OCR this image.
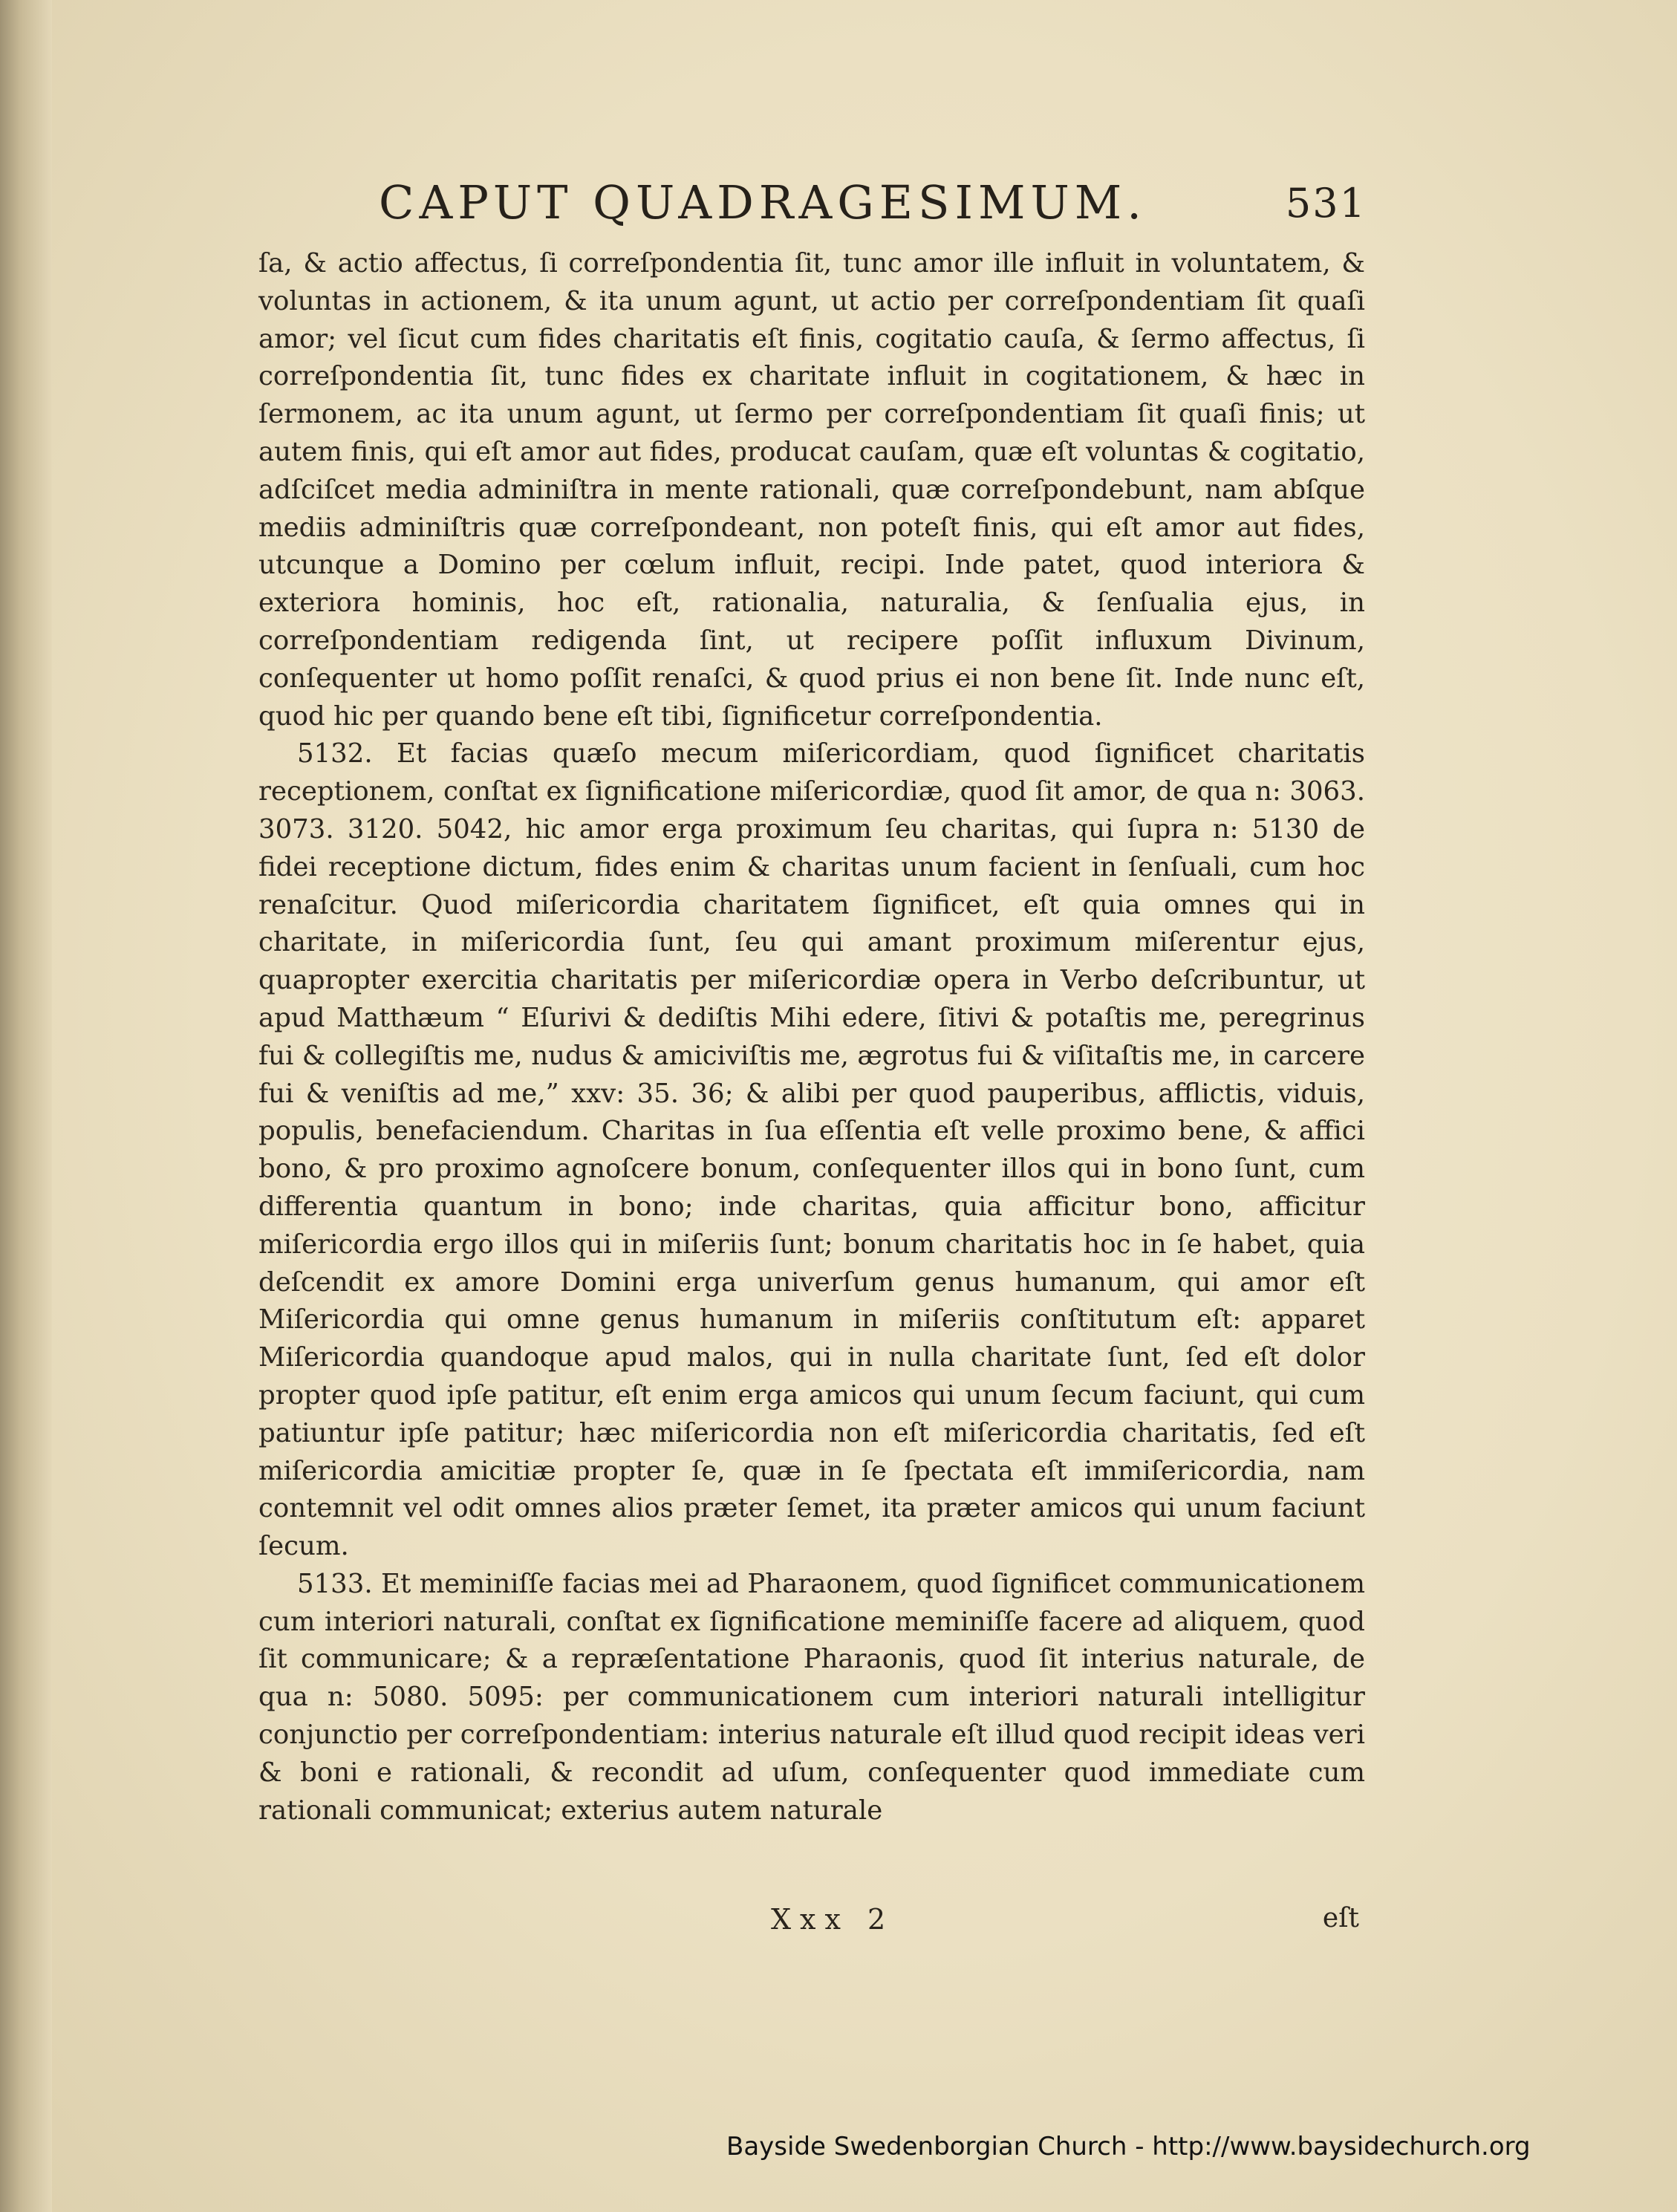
CAPUT QUADRAGESIMUM.	531

ſa, & actio affectus, ſi correſpondentia ſit, tunc amor ille influit in voluntatem, & voluntas in actionem, & ita unum agunt, ut actio per correſpondentiam ſit quaſi amor; vel ſicut cum fides charitatis eſt finis, cogitatio cauſa, & ſermo affectus, ſi correſpondentia ſit, tunc fides ex charitate influit in cogitationem, & hæc in ſermonem, ac ita unum agunt, ut ſermo per correſpondentiam ſit quaſi finis; ut autem finis, qui eſt amor aut fides, producat cauſam, quæ eſt voluntas & cogitatio, adſciſcet media adminiſtra in mente rationali, quæ correſpondebunt, nam abſque mediis adminiſtris quæ correſpondeant, non poteſt finis, qui eſt amor aut fides, utcunque a Domino per cœlum influit, recipi. Inde patet, quod interiora & exteriora hominis, hoc eſt, rationalia, naturalia, & ſenſualia ejus, in correſpondentiam redigenda ſint, ut recipere poſſit influxum Divinum, conſequenter ut homo poſſit renaſci, & quod prius ei non bene ſit. Inde nunc eſt, quod hic per quando bene eſt tibi, ſignificetur correſpondentia.

5132. Et facias quæſo mecum miſericordiam, quod ſignificet charitatis receptionem, conſtat ex ſignificatione miſericordiæ, quod ſit amor, de qua n: 3063. 3073. 3120. 5042, hic amor erga proximum ſeu charitas, qui ſupra n: 5130 de fidei receptione dictum, fides enim & charitas unum facient in ſenſuali, cum hoc renaſcitur. Quod miſericordia charitatem ſignificet, eſt quia omnes qui in charitate, in miſericordia ſunt, ſeu qui amant proximum miſerentur ejus, quapropter exercitia charitatis per miſericordiæ opera in Verbo deſcribuntur, ut apud Matthæum “ Eſurivi & dediſtis Mihi edere, ſitivi & potaſtis me, peregrinus fui & collegiſtis me, nudus & amiciviſtis me, ægrotus fui & viſitaſtis me, in carcere fui & veniſtis ad me,” xxv: 35. 36; & alibi per quod pauperibus, afflictis, viduis, populis, benefaciendum. Charitas in ſua eſſentia eſt velle proximo bene, & affici bono, & pro proximo agnoſcere bonum, conſequenter illos qui in bono ſunt, cum differentia quantum in bono; inde charitas, quia afficitur bono, afficitur miſericordia ergo illos qui in miſeriis ſunt; bonum charitatis hoc in ſe habet, quia deſcendit ex amore Domini erga univerſum genus humanum, qui amor eſt Miſericordia qui omne genus humanum in miſeriis conſtitutum eſt: apparet Miſericordia quandoque apud malos, qui in nulla charitate ſunt, ſed eſt dolor propter quod ipſe patitur, eſt enim erga amicos qui unum ſecum faciunt, qui cum patiuntur ipſe patitur; hæc miſericordia non eſt miſericordia charitatis, ſed eſt miſericordia amicitiæ propter ſe, quæ in ſe ſpectata eſt immiſericordia, nam contemnit vel odit omnes alios præter ſemet, ita præter amicos qui unum faciunt ſecum.

5133. Et meminiſſe facias mei ad Pharaonem, quod ſignificet communicationem cum interiori naturali, conſtat ex ſignificatione meminiſſe facere ad aliquem, quod ſit communicare; & a repræſentatione Pharaonis, quod ſit interius naturale, de qua n: 5080. 5095: per communicationem cum interiori naturali intelligitur conjunctio per correſpondentiam: interius naturale eſt illud quod recipit ideas veri & boni e rationali, & recondit ad uſum, conſequenter quod immediate cum rationali communicat; exterius autem naturale

Xxx 2	eſt
Bayside Swedenborgian Church - http://www.baysidechurch.org
